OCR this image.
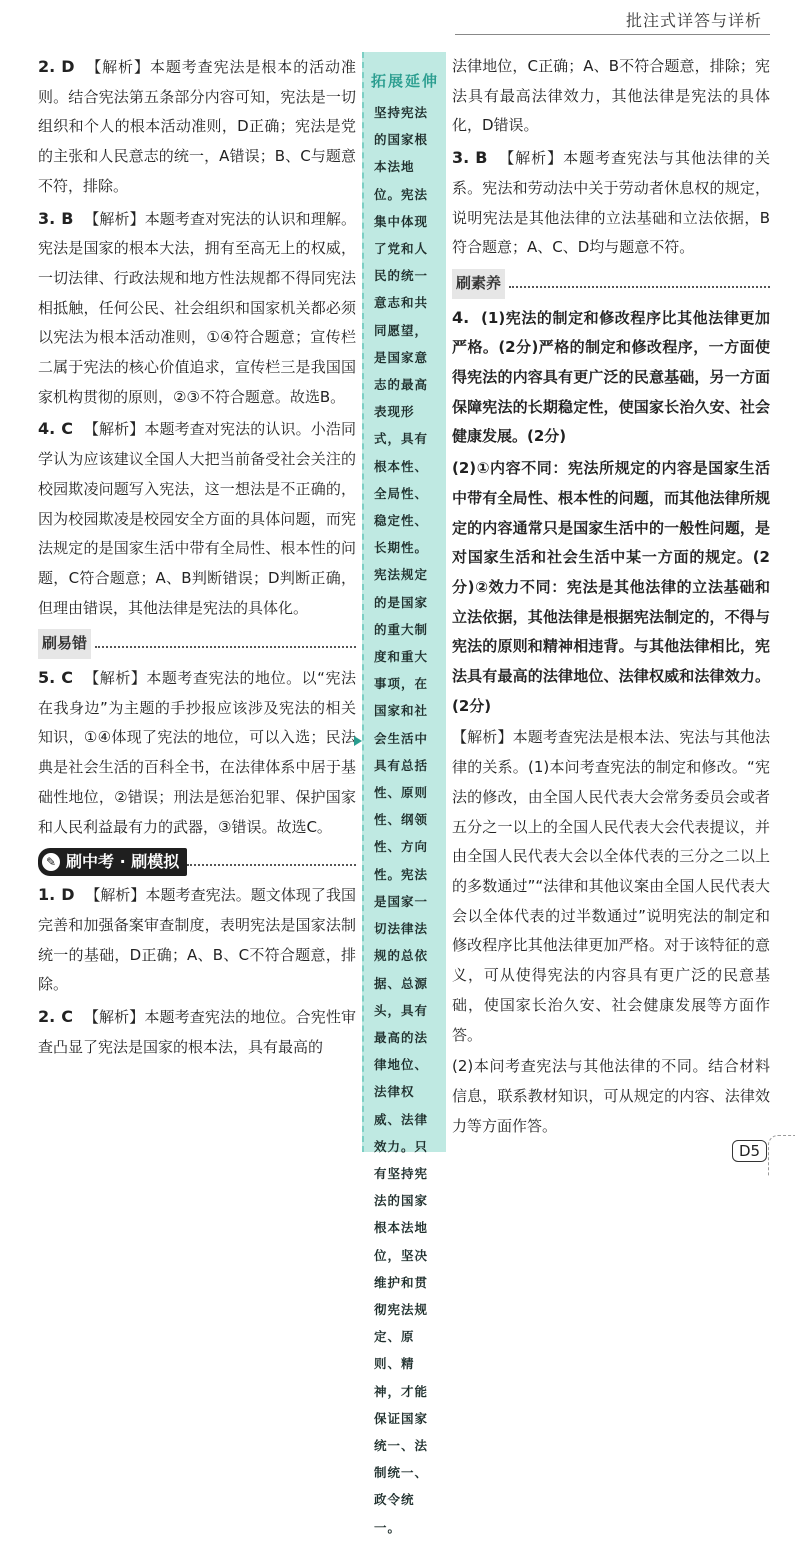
批注式详答与详析

2. D 【解析】本题考查宪法是根本的活动准则。结合宪法第五条部分内容可知，宪法是一切组织和个人的根本活动准则，D正确；宪法是党的主张和人民意志的统一，A错误；B、C与题意不符，排除。

3. B 【解析】本题考查对宪法的认识和理解。宪法是国家的根本大法，拥有至高无上的权威，一切法律、行政法规和地方性法规都不得同宪法相抵触，任何公民、社会组织和国家机关都必须以宪法为根本活动准则，①④符合题意；宣传栏二属于宪法的核心价值追求，宣传栏三是我国国家机构贯彻的原则，②③不符合题意。故选B。

4. C 【解析】本题考查对宪法的认识。小浩同学认为应该建议全国人大把当前备受社会关注的校园欺凌问题写入宪法，这一想法是不正确的，因为校园欺凌是校园安全方面的具体问题，而宪法规定的是国家生活中带有全局性、根本性的问题，C符合题意；A、B判断错误；D判断正确，但理由错误，其他法律是宪法的具体化。

刷易错

5. C 【解析】本题考查宪法的地位。以“宪法在我身边”为主题的手抄报应该涉及宪法的相关知识，①④体现了宪法的地位，可以入选；民法典是社会生活的百科全书，在法律体系中居于基础性地位，②错误；刑法是惩治犯罪、保护国家和人民利益最有力的武器，③错误。故选C。

✎ 刷中考 · 刷模拟

1. D 【解析】本题考查宪法。题文体现了我国完善和加强备案审查制度，表明宪法是国家法制统一的基础，D正确；A、B、C不符合题意，排除。

2. C 【解析】本题考查宪法的地位。合宪性审查凸显了宪法是国家的根本法，具有最高的

拓展延伸
坚持宪法的国家根本法地位。宪法集中体现了党和人民的统一意志和共同愿望，是国家意志的最高表现形式，具有根本性、全局性、稳定性、长期性。宪法规定的是国家的重大制度和重大事项，在国家和社会生活中具有总括性、原则性、纲领性、方向性。宪法是国家一切法律法规的总依据、总源头，具有最高的法律地位、法律权威、法律效力。只有坚持宪法的国家根本法地位，坚决维护和贯彻宪法规定、原则、精神，才能保证国家统一、法制统一、政令统一。

法律地位，C正确；A、B不符合题意，排除；宪法具有最高法律效力，其他法律是宪法的具体化，D错误。

3. B 【解析】本题考查宪法与其他法律的关系。宪法和劳动法中关于劳动者休息权的规定，说明宪法是其他法律的立法基础和立法依据，B符合题意；A、C、D均与题意不符。

刷素养

4. (1)宪法的制定和修改程序比其他法律更加严格。(2分)严格的制定和修改程序，一方面使得宪法的内容具有更广泛的民意基础，另一方面保障宪法的长期稳定性，使国家长治久安、社会健康发展。(2分)

(2)①内容不同：宪法所规定的内容是国家生活中带有全局性、根本性的问题，而其他法律所规定的内容通常只是国家生活中的一般性问题，是对国家生活和社会生活中某一方面的规定。(2分)②效力不同：宪法是其他法律的立法基础和立法依据，其他法律是根据宪法制定的，不得与宪法的原则和精神相违背。与其他法律相比，宪法具有最高的法律地位、法律权威和法律效力。(2分)

【解析】本题考查宪法是根本法、宪法与其他法律的关系。(1)本问考查宪法的制定和修改。“宪法的修改，由全国人民代表大会常务委员会或者五分之一以上的全国人民代表大会代表提议，并由全国人民代表大会以全体代表的三分之二以上的多数通过”“法律和其他议案由全国人民代表大会以全体代表的过半数通过”说明宪法的制定和修改程序比其他法律更加严格。对于该特征的意义，可从使得宪法的内容具有更广泛的民意基础，使国家长治久安、社会健康发展等方面作答。

(2)本问考查宪法与其他法律的不同。结合材料信息，联系教材知识，可从规定的内容、法律效力等方面作答。

D5
